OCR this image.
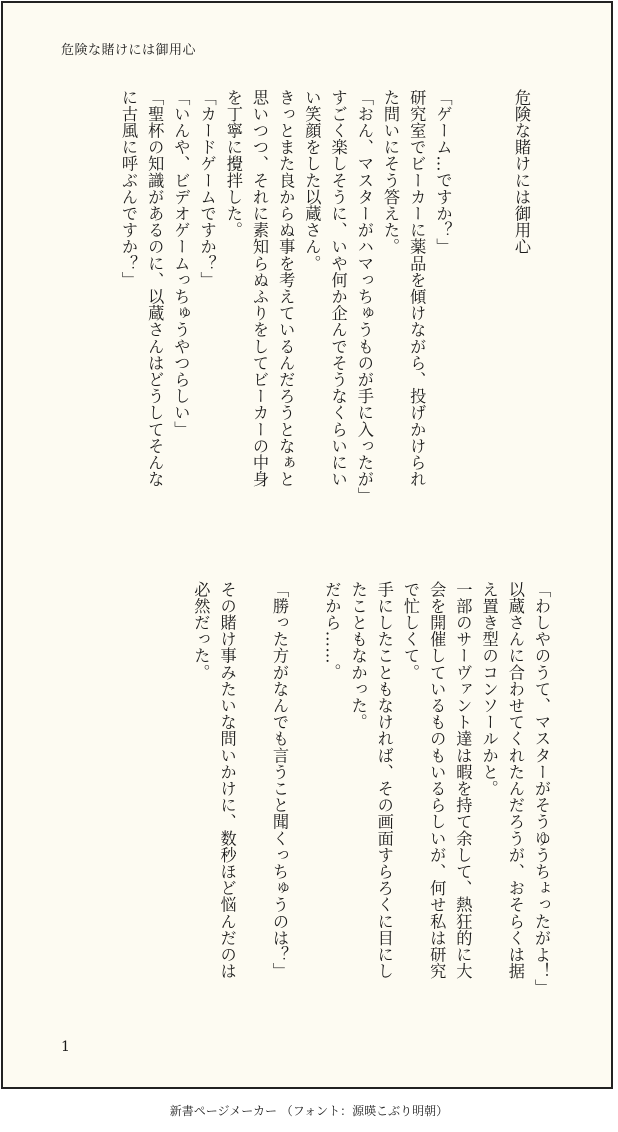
危険な賭けには御用心
危険な賭けには御用心
「ゲーム…ですか？」
研究室でビーカーに薬品を傾けながら、投げかけられ
た問いにそう答えた。
「おん、マスターがハマっちゅうものが手に入ったが」
すごく楽しそうに、いや何か企んでそうなくらいにい
い笑顔をした以蔵さん。
きっとまた良からぬ事を考えているんだろうとなぁと
思いつつ、それに素知らぬふりをしてビーカーの中身
を丁寧に攪拌した。
「カードゲームですか？」
「いんや、ビデオゲームっちゅうやつらしい」
「聖杯の知識があるのに、以蔵さんはどうしてそんな
に古風に呼ぶんですか？」
「わしやのうて、マスターがそうゆうちょったがよ！」
以蔵さんに合わせてくれたんだろうが、おそらくは据
え置き型のコンソールかと。
一部のサーヴァント達は暇を持て余して、熱狂的に大
会を開催しているものもいるらしいが、何せ私は研究
で忙しくて。
手にしたこともなければ、その画面すらろくに目にし
たこともなかった。
だから……。
「勝った方がなんでも言うこと聞くっちゅうのは？」
その賭け事みたいな問いかけに、数秒ほど悩んだのは
必然だった。
1
新書ページメーカー （フォント：源暎こぶり明朝）
